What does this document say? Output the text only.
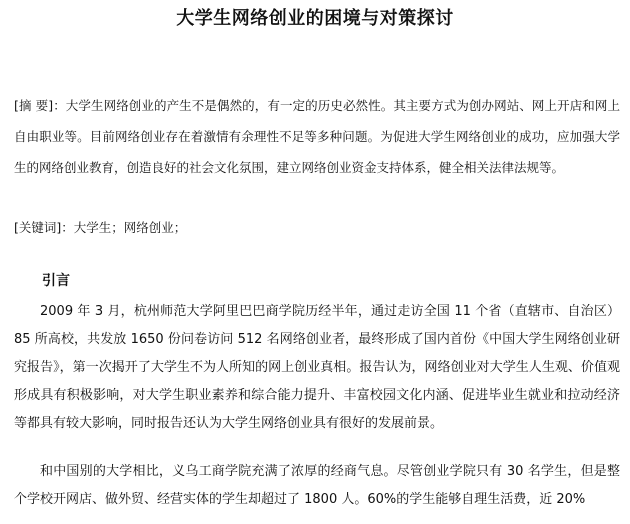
大学生网络创业的困境与对策探讨

[摘 要]：大学生网络创业的产生不是偶然的，有一定的历史必然性。其主要方式为创办网站、网上开店和网上自由职业等。目前网络创业存在着激情有余理性不足等多种问题。为促进大学生网络创业的成功，应加强大学生的网络创业教育，创造良好的社会文化氛围，建立网络创业资金支持体系，健全相关法律法规等。

[关键词]：大学生；网络创业；

引言

2009 年 3 月，杭州师范大学阿里巴巴商学院历经半年，通过走访全国 11 个省（直辖市、自治区）85 所高校，共发放 1650 份问卷访问 512 名网络创业者，最终形成了国内首份《中国大学生网络创业研究报告》，第一次揭开了大学生不为人所知的网上创业真相。报告认为，网络创业对大学生人生观、价值观形成具有积极影响，对大学生职业素养和综合能力提升、丰富校园文化内涵、促进毕业生就业和拉动经济等都具有较大影响，同时报告还认为大学生网络创业具有很好的发展前景。

和中国别的大学相比，义乌工商学院充满了浓厚的经商气息。尽管创业学院只有 30 名学生，但是整个学校开网店、做外贸、经营实体的学生却超过了 1800 人。60%的学生能够自理生活费，近 20%
